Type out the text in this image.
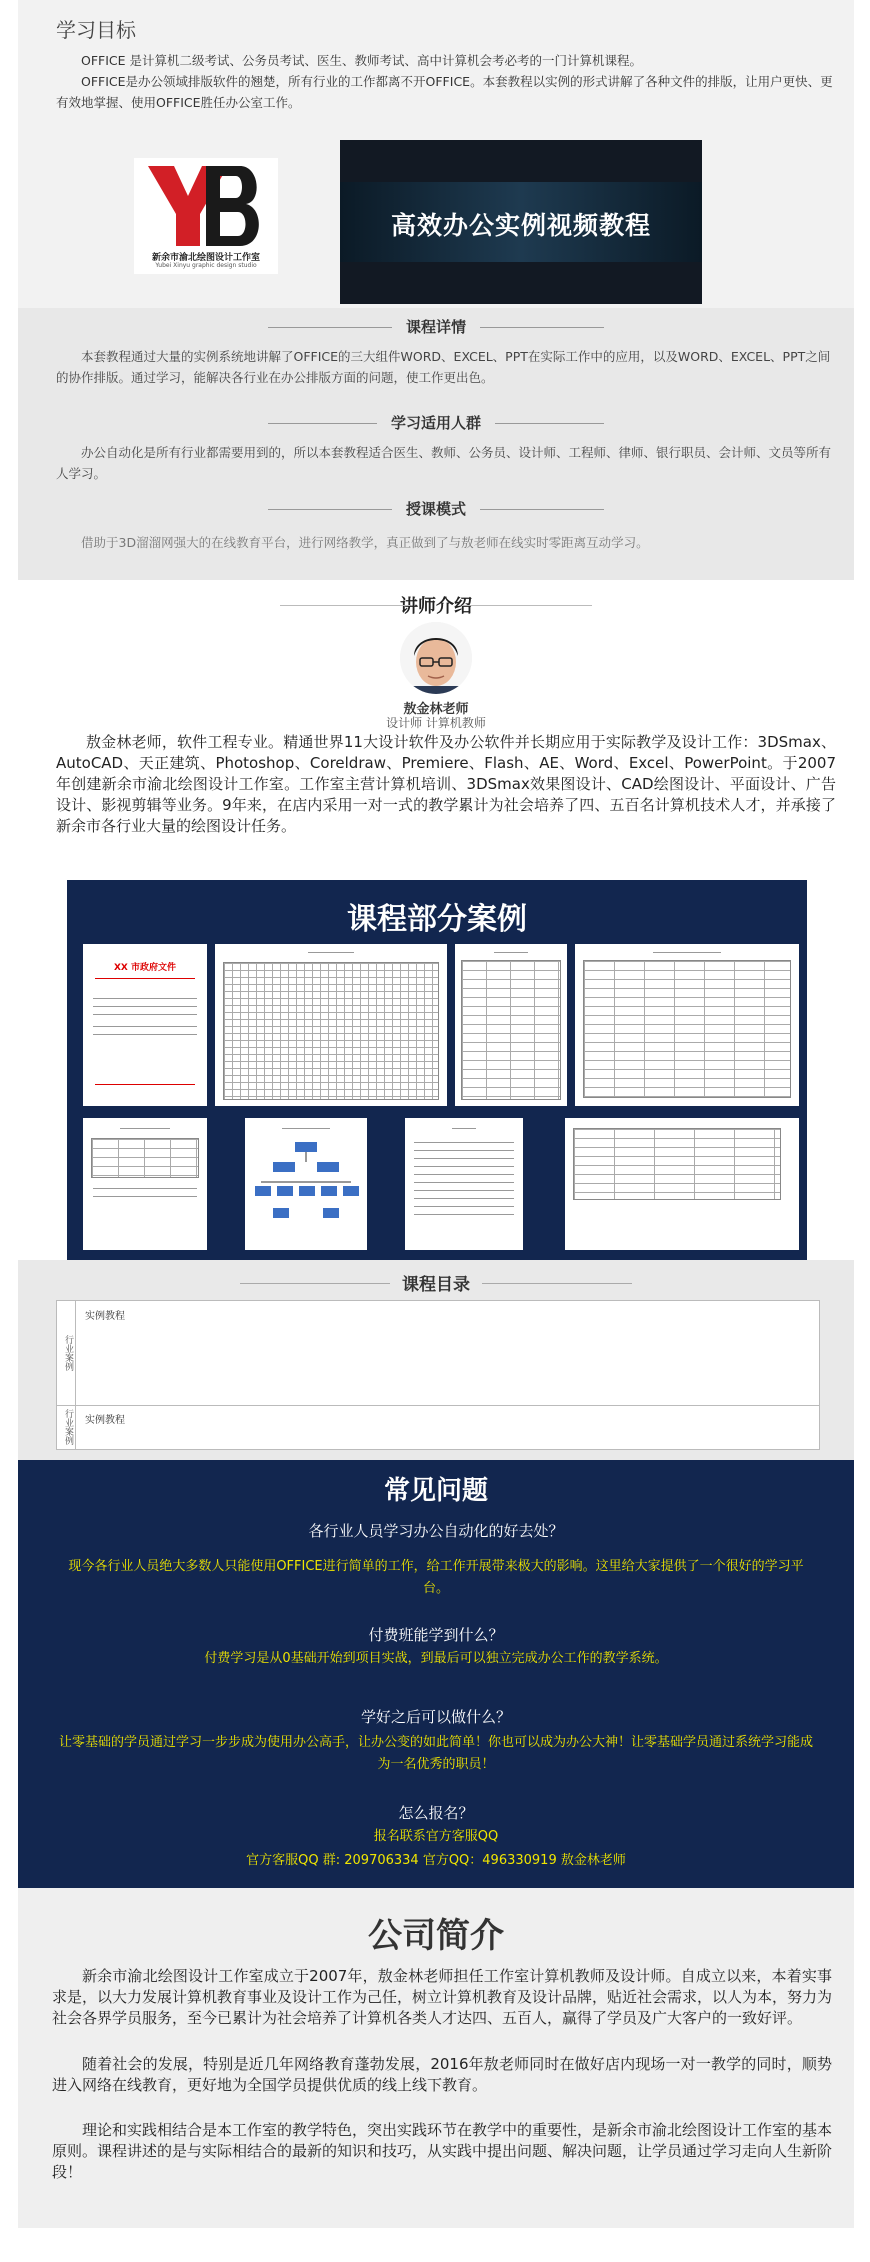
学习目标

OFFICE 是计算机二级考试、公务员考试、医生、教师考试、高中计算机会考必考的一门计算机课程。

OFFICE是办公领域排版软件的翘楚，所有行业的工作都离不开OFFICE。本套教程以实例的形式讲解了各种文件的排版，让用户更快、更有效地掌握、使用OFFICE胜任办公室工作。

新余市渝北绘图设计工作室
Yubei Xinyu graphic design studio
高效办公实例视频教程
课程详情
本套教程通过大量的实例系统地讲解了OFFICE的三大组件WORD、EXCEL、PPT在实际工作中的应用，以及WORD、EXCEL、PPT之间的协作排版。通过学习，能解决各行业在办公排版方面的问题，使工作更出色。
学习适用人群
办公自动化是所有行业都需要用到的，所以本套教程适合医生、教师、公务员、设计师、工程师、律师、银行职员、会计师、文员等所有人学习。
授课模式
借助于3D溜溜网强大的在线教育平台，进行网络教学，真正做到了与敖老师在线实时零距离互动学习。
讲师介绍
敖金林老师
设计师 计算机教师
敖金林老师，软件工程专业。精通世界11大设计软件及办公软件并长期应用于实际教学及设计工作：3DSmax、AutoCAD、天正建筑、Photoshop、Coreldraw、Premiere、Flash、AE、Word、Excel、PowerPoint。于2007年创建新余市渝北绘图设计工作室。工作室主营计算机培训、3DSmax效果图设计、CAD绘图设计、平面设计、广告设计、影视剪辑等业务。9年来，在店内采用一对一式的教学累计为社会培养了四、五百名计算机技术人才，并承接了新余市各行业大量的绘图设计任务。
课程部分案例
XX 市政府文件
课程目录
行业案例
实例教程
行业案例	实例教程
常见问题
各行业人员学习办公自动化的好去处？
现今各行业人员绝大多数人只能使用OFFICE进行简单的工作，给工作开展带来极大的影响。这里给大家提供了一个很好的学习平台。
付费班能学到什么？
付费学习是从0基础开始到项目实战，到最后可以独立完成办公工作的教学系统。
学好之后可以做什么？
让零基础的学员通过学习一步步成为使用办公高手，让办公变的如此简单！你也可以成为办公大神！让零基础学员通过系统学习能成为一名优秀的职员！
怎么报名？
报名联系官方客服QQ
官方客服QQ 群: 209706334 官方QQ：496330919 敖金林老师
公司简介
新余市渝北绘图设计工作室成立于2007年，敖金林老师担任工作室计算机教师及设计师。自成立以来，本着实事求是，以大力发展计算机教育事业及设计工作为己任，树立计算机教育及设计品牌，贴近社会需求，以人为本，努力为社会各界学员服务，至今已累计为社会培养了计算机各类人才达四、五百人，赢得了学员及广大客户的一致好评。
随着社会的发展，特别是近几年网络教育蓬勃发展，2016年敖老师同时在做好店内现场一对一教学的同时，顺势进入网络在线教育，更好地为全国学员提供优质的线上线下教育。
理论和实践相结合是本工作室的教学特色，突出实践环节在教学中的重要性，是新余市渝北绘图设计工作室的基本原则。课程讲述的是与实际相结合的最新的知识和技巧，从实践中提出问题、解决问题，让学员通过学习走向人生新阶段！
